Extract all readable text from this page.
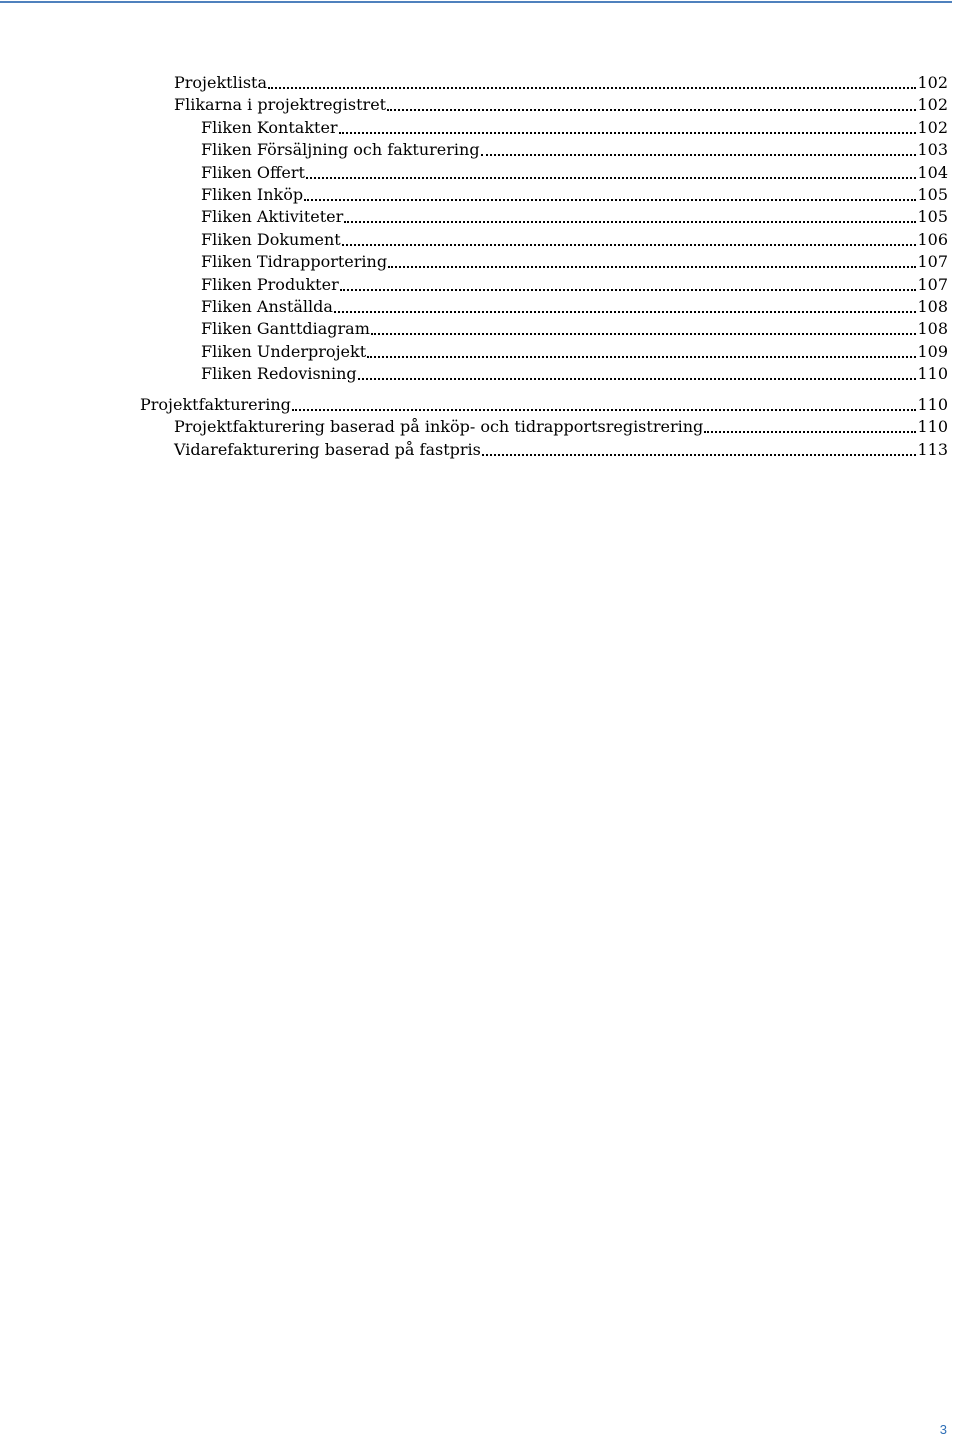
Projektlista	102
Flikarna i projektregistret	102
Fliken Kontakter	102
Fliken Försäljning och fakturering	103
Fliken Offert	104
Fliken Inköp	105
Fliken Aktiviteter	105
Fliken Dokument	106
Fliken Tidrapportering	107
Fliken Produkter	107
Fliken Anställda	108
Fliken Ganttdiagram	108
Fliken Underprojekt	109
Fliken Redovisning	110
Projektfakturering	110
Projektfakturering baserad på inköp- och tidrapportsregistrering	110
Vidarefakturering baserad på fastpris	113
3
